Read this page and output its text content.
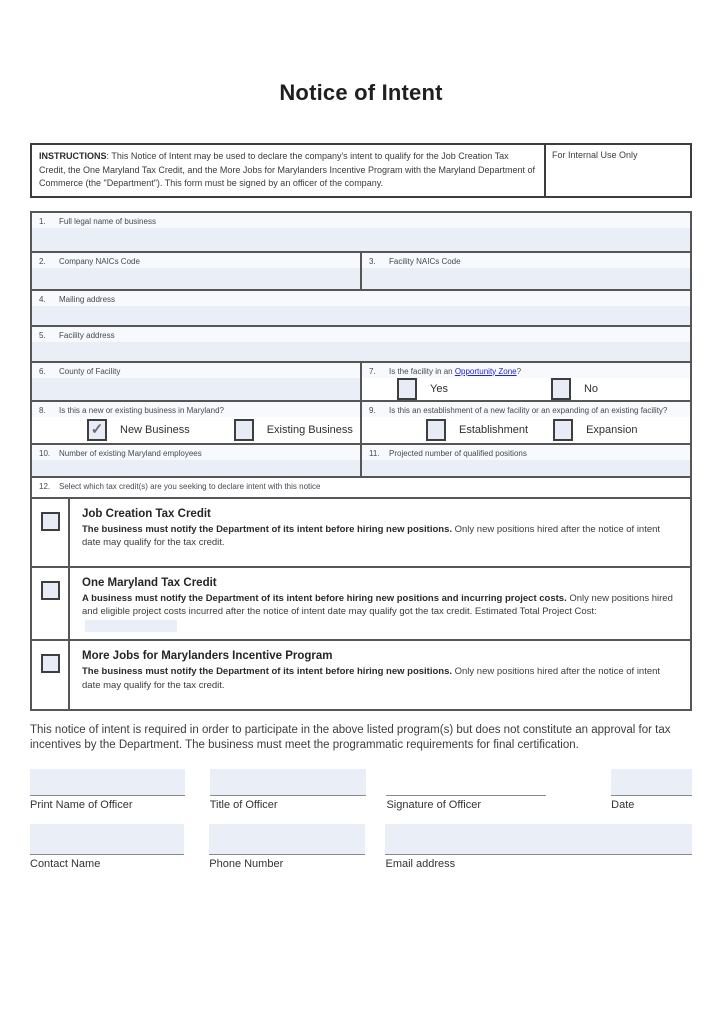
Notice of Intent
INSTRUCTIONS: This Notice of Intent may be used to declare the company's intent to qualify for the Job Creation Tax Credit, the One Maryland Tax Credit, and the More Jobs for Marylanders Incentive Program with the Maryland Department of Commerce (the "Department"). This form must be signed by an officer of the company.
For Internal Use Only
1. Full legal name of business
2. Company NAICs Code	3. Facility NAICs Code
4. Mailing address
5. Facility address
6. County of Facility	7. Is the facility in an Opportunity Zone?
Yes	No
8. Is this a new or existing business in Maryland?
✓ New Business	Existing Business
9. Is this an establishment of a new facility or an expanding of an existing facility?
Establishment	Expansion
10. Number of existing Maryland employees	11. Projected number of qualified positions
12. Select which tax credit(s) are you seeking to declare intent with this notice
Job Creation Tax Credit
The business must notify the Department of its intent before hiring new positions. Only new positions hired after the notice of intent date may qualify for the tax credit.
One Maryland Tax Credit
A business must notify the Department of its intent before hiring new positions and incurring project costs. Only new positions hired and eligible project costs incurred after the notice of intent date may qualify got the tax credit. Estimated Total Project Cost:
More Jobs for Marylanders Incentive Program
The business must notify the Department of its intent before hiring new positions. Only new positions hired after the notice of intent date may qualify for the tax credit.
This notice of intent is required in order to participate in the above listed program(s) but does not constitute an approval for tax incentives by the Department. The business must meet the programmatic requirements for final certification.
Print Name of Officer	Title of Officer	Signature of Officer	Date
Contact Name	Phone Number	Email address
